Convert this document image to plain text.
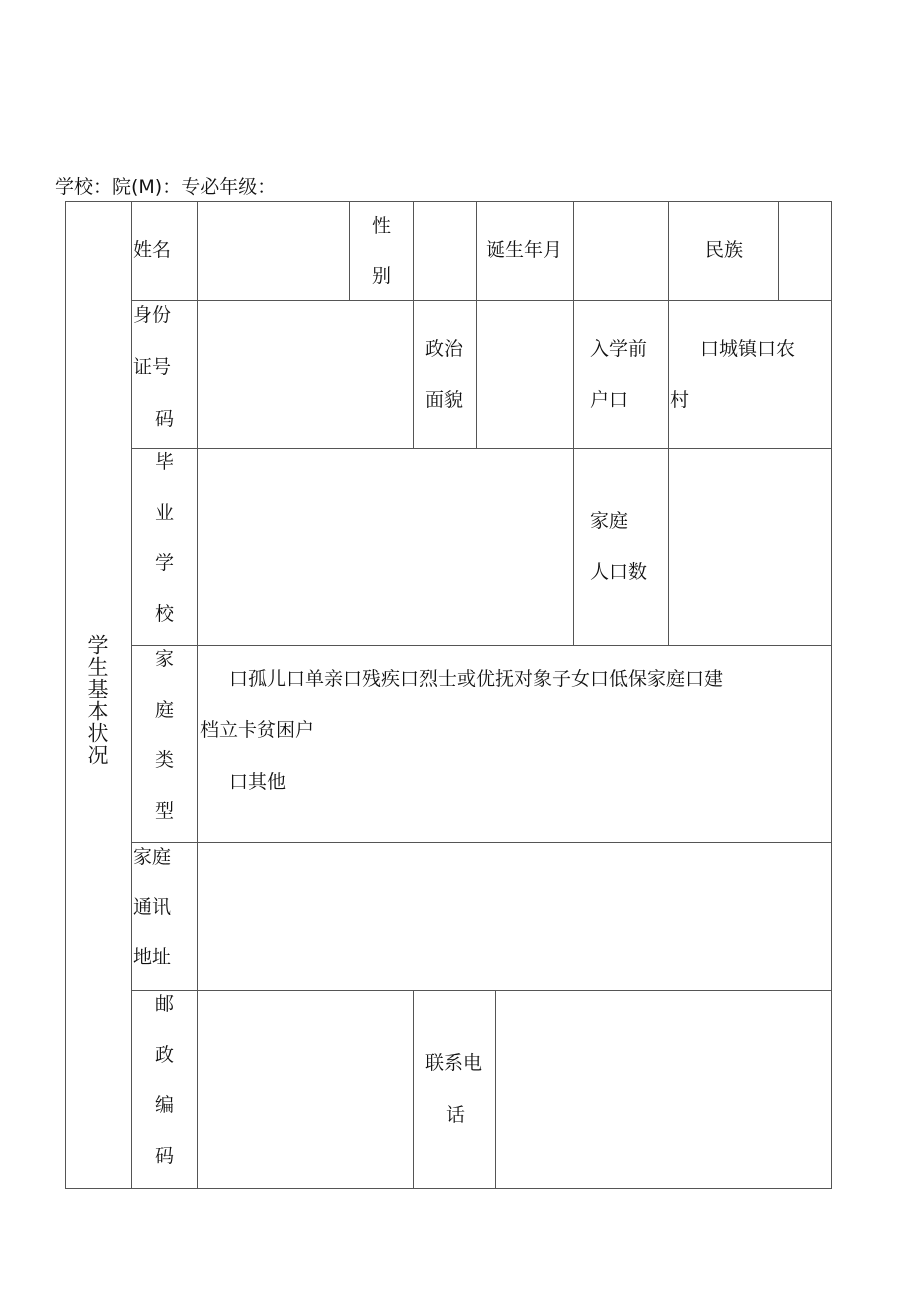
学校：院(M)：专必年级：
学生基本状况
姓名
性
别
诞生年月	民族
身份
证号
码
政治
面貌
入学前
户口
口城镇口农
村
毕
业
学
校
家庭
人口数
家
庭
类
型
口孤儿口单亲口残疾口烈士或优抚对象子女口低保家庭口建
档立卡贫困户
口其他
家庭
通讯
地址
邮
政
编
码
联系电
话
